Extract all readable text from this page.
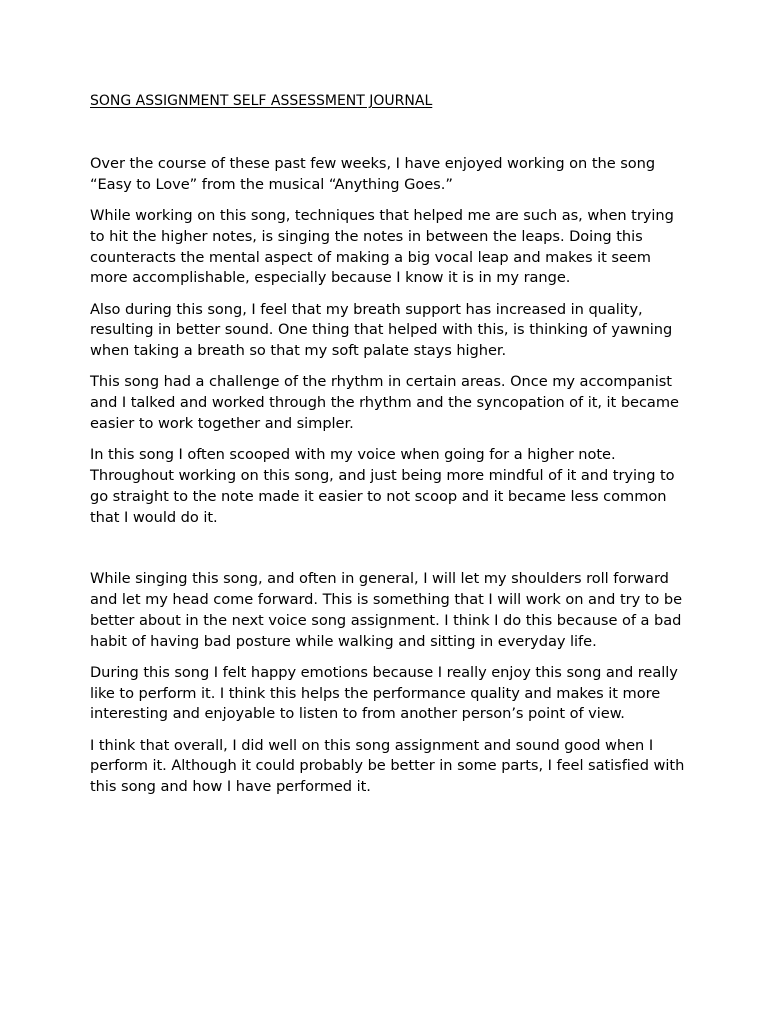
SONG ASSIGNMENT SELF ASSESSMENT JOURNAL

Over the course of these past few weeks, I have enjoyed working on the song “Easy to Love” from the musical “Anything Goes.”

While working on this song, techniques that helped me are such as, when trying to hit the higher notes, is singing the notes in between the leaps. Doing this counteracts the mental aspect of making a big vocal leap and makes it seem more accomplishable, especially because I know it is in my range.

Also during this song, I feel that my breath support has increased in quality, resulting in better sound. One thing that helped with this, is thinking of yawning when taking a breath so that my soft palate stays higher.

This song had a challenge of the rhythm in certain areas. Once my accompanist and I talked and worked through the rhythm and the syncopation of it, it became easier to work together and simpler.

In this song I often scooped with my voice when going for a higher note. Throughout working on this song, and just being more mindful of it and trying to go straight to the note made it easier to not scoop and it became less common that I would do it.

While singing this song, and often in general, I will let my shoulders roll forward and let my head come forward. This is something that I will work on and try to be better about in the next voice song assignment. I think I do this because of a bad habit of having bad posture while walking and sitting in everyday life.

During this song I felt happy emotions because I really enjoy this song and really like to perform it. I think this helps the performance quality and makes it more interesting and enjoyable to listen to from another person’s point of view.

I think that overall, I did well on this song assignment and sound good when I perform it. Although it could probably be better in some parts, I feel satisfied with this song and how I have performed it.
